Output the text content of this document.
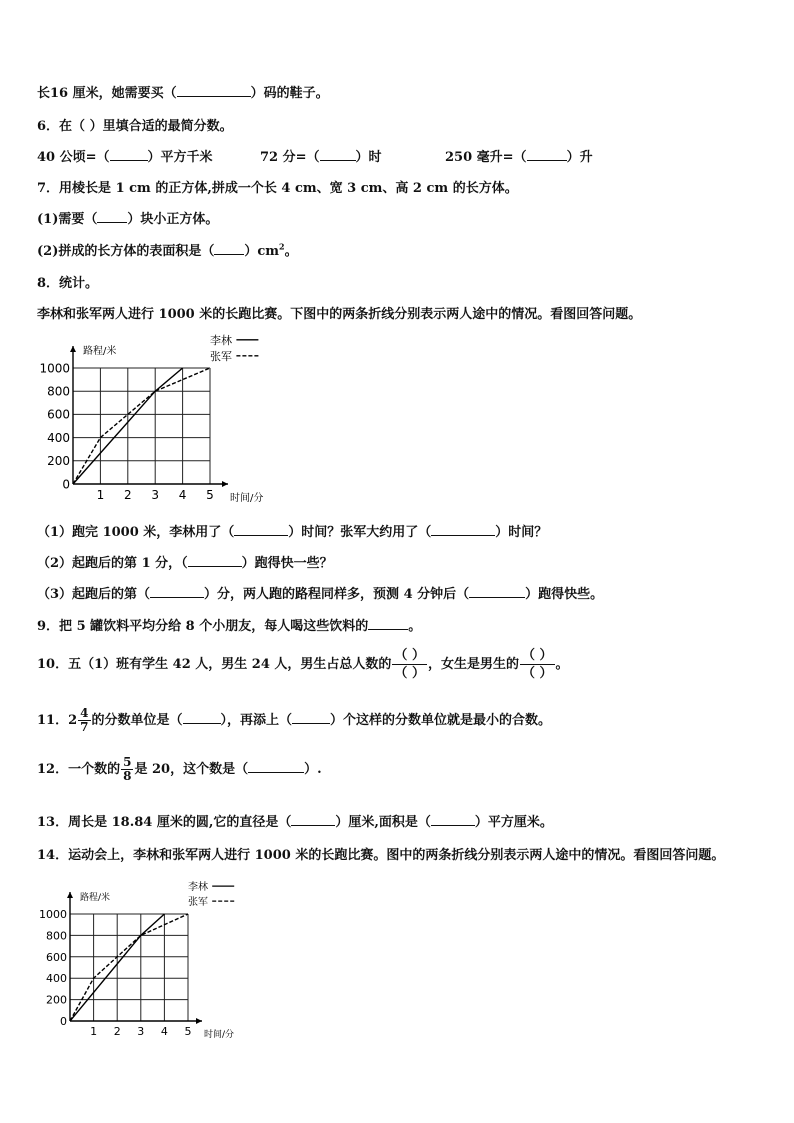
长16 厘米，她需要买（	）码的鞋子。
6．在（ ）里填合适的最简分数。
40 公顷=（	）平方千米	72 分=（	）时	250 毫升=（	）升
7．用棱长是 1 cm 的正方体,拼成一个长 4 cm、宽 3 cm、高 2 cm 的长方体。
(1)需要（ ）块小正方体。
(2)拼成的长方体的表面积是（ ）$cm^2$。
8．统计。
李林和张军两人进行 1000 米的长跑比赛。下图中的两条折线分别表示两人途中的情况。看图回答问题。
1 2 3 4 5
200
400
600
800
1000
0
时间/分
路程/米
李林
张军
（1）跑完 1000 米，李林用了（	）时间？张军大约用了（	）时间？
（2）起跑后的第 1 分，（	）跑得快一些？
（3）起跑后的第（	）分，两人跑的路程同样多，预测 4 分钟后（	）跑得快些。
9．把 5 罐饮料平均分给 8 个小朋友，每人喝这些饮料的	。
10．五（1）班有学生 42 人，男生 24 人，男生占总人数的 $\frac{( )}{( )}$ ，女生是男生的 $\frac{( )}{( )}$ 。
11．$2 \frac{4}{7}$ 的分数单位是（	），再添上（	）个这样的分数单位就是最小的合数。
12．一个数的 $\frac{5}{8}$ 是 20，这个数是（	）.
13．周长是 18.84 厘米的圆,它的直径是（	）厘米,面积是（	）平方厘米。
14．运动会上，李林和张军两人进行 1000 米的长跑比赛。图中的两条折线分别表示两人途中的情况。看图回答问题。
1 2 3 4 5
200
400
600
800
1000
0
时间/分
路程/米
李林
张军
